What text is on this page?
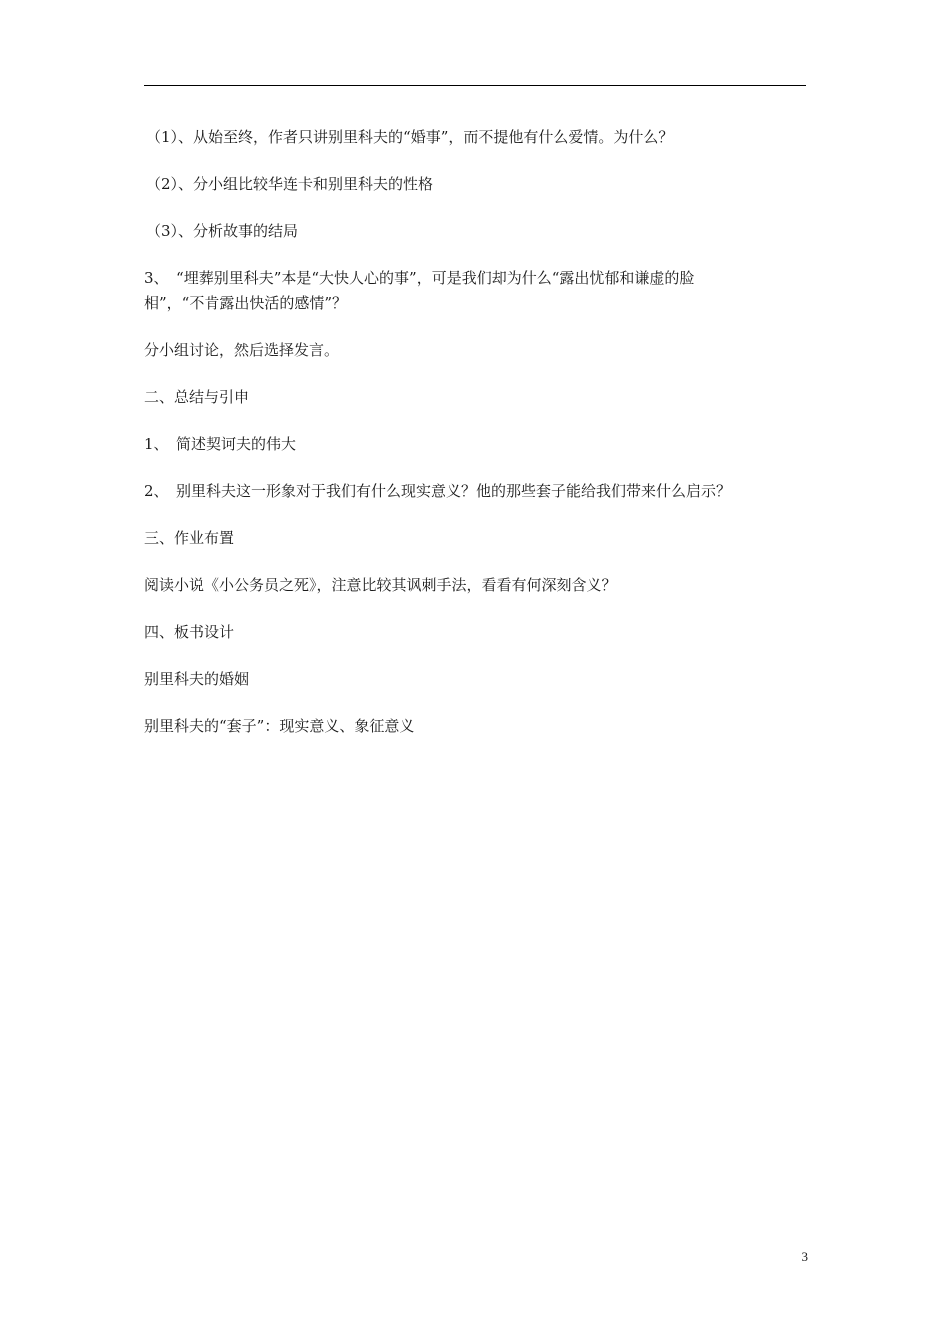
（1）、从始至终，作者只讲别里科夫的“婚事”，而不提他有什么爱情。为什么？
（2）、分小组比较华连卡和别里科夫的性格
（3）、分析故事的结局
3、　“埋葬别里科夫”本是“大快人心的事”，可是我们却为什么“露出忧郁和谦虚的脸
相”，“不肯露出快活的感情”？
分小组讨论，然后选择发言。
二、总结与引申
1、　简述契诃夫的伟大
2、　别里科夫这一形象对于我们有什么现实意义？他的那些套子能给我们带来什么启示？
三、作业布置
阅读小说《小公务员之死》，注意比较其讽刺手法，看看有何深刻含义？
四、板书设计
别里科夫的婚姻
别里科夫的“套子”：现实意义、象征意义
3
